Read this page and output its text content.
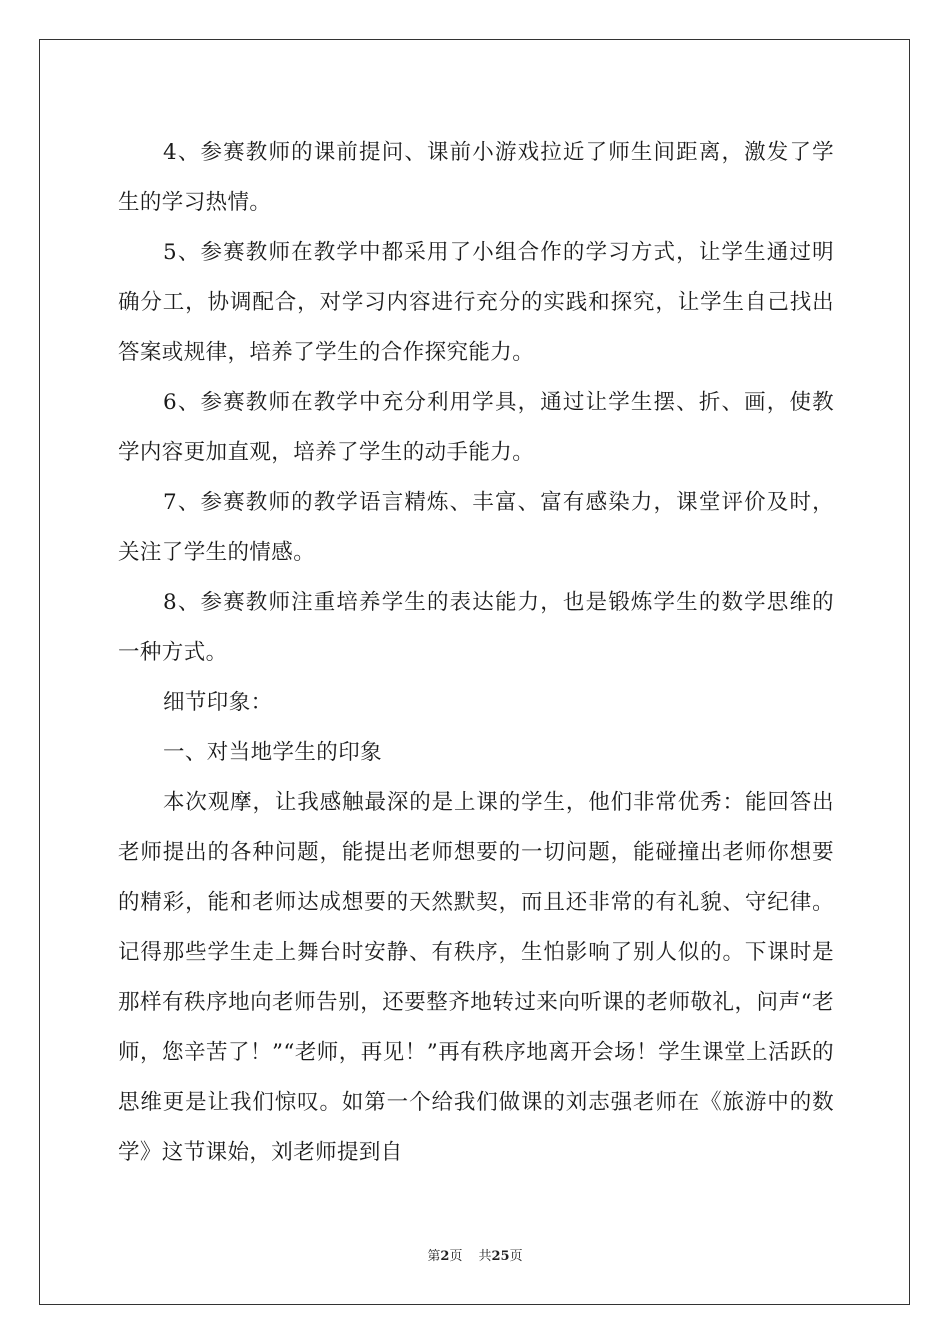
4、参赛教师的课前提问、课前小游戏拉近了师生间距离，激发了学生的学习热情。

5、参赛教师在教学中都采用了小组合作的学习方式，让学生通过明确分工，协调配合，对学习内容进行充分的实践和探究，让学生自己找出答案或规律，培养了学生的合作探究能力。

6、参赛教师在教学中充分利用学具，通过让学生摆、折、画，使教学内容更加直观，培养了学生的动手能力。

7、参赛教师的教学语言精炼、丰富、富有感染力，课堂评价及时，关注了学生的情感。

8、参赛教师注重培养学生的表达能力，也是锻炼学生的数学思维的一种方式。

细节印象：

一、对当地学生的印象

本次观摩，让我感触最深的是上课的学生，他们非常优秀：能回答出老师提出的各种问题，能提出老师想要的一切问题，能碰撞出老师你想要的精彩，能和老师达成想要的天然默契，而且还非常的有礼貌、守纪律。记得那些学生走上舞台时安静、有秩序，生怕影响了别人似的。下课时是那样有秩序地向老师告别，还要整齐地转过来向听课的老师敬礼，问声“老师，您辛苦了！”“老师，再见！”再有秩序地离开会场！学生课堂上活跃的思维更是让我们惊叹。如第一个给我们做课的刘志强老师在《旅游中的数学》这节课始，刘老师提到自

第2页 共25页
